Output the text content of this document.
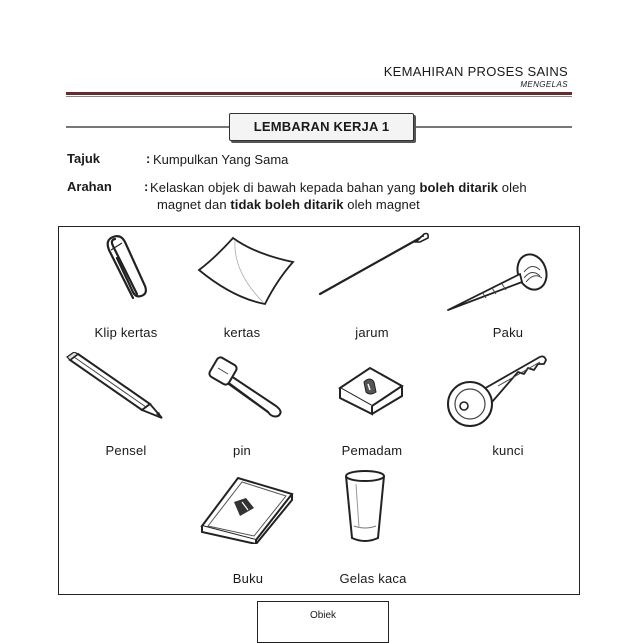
KEMAHIRAN PROSES SAINS
MENGELAS
LEMBARAN KERJA 1
Tajuk	: Kumpulkan Yang Sama
Arahan : Kelaskan objek di bawah kepada bahan yang boleh ditarik oleh
magnet dan tidak boleh ditarik oleh magnet
Klip kertas	kertas	jarum	Paku
Pensel	pin	Pemadam	kunci
Buku	Gelas kaca
Obiek
